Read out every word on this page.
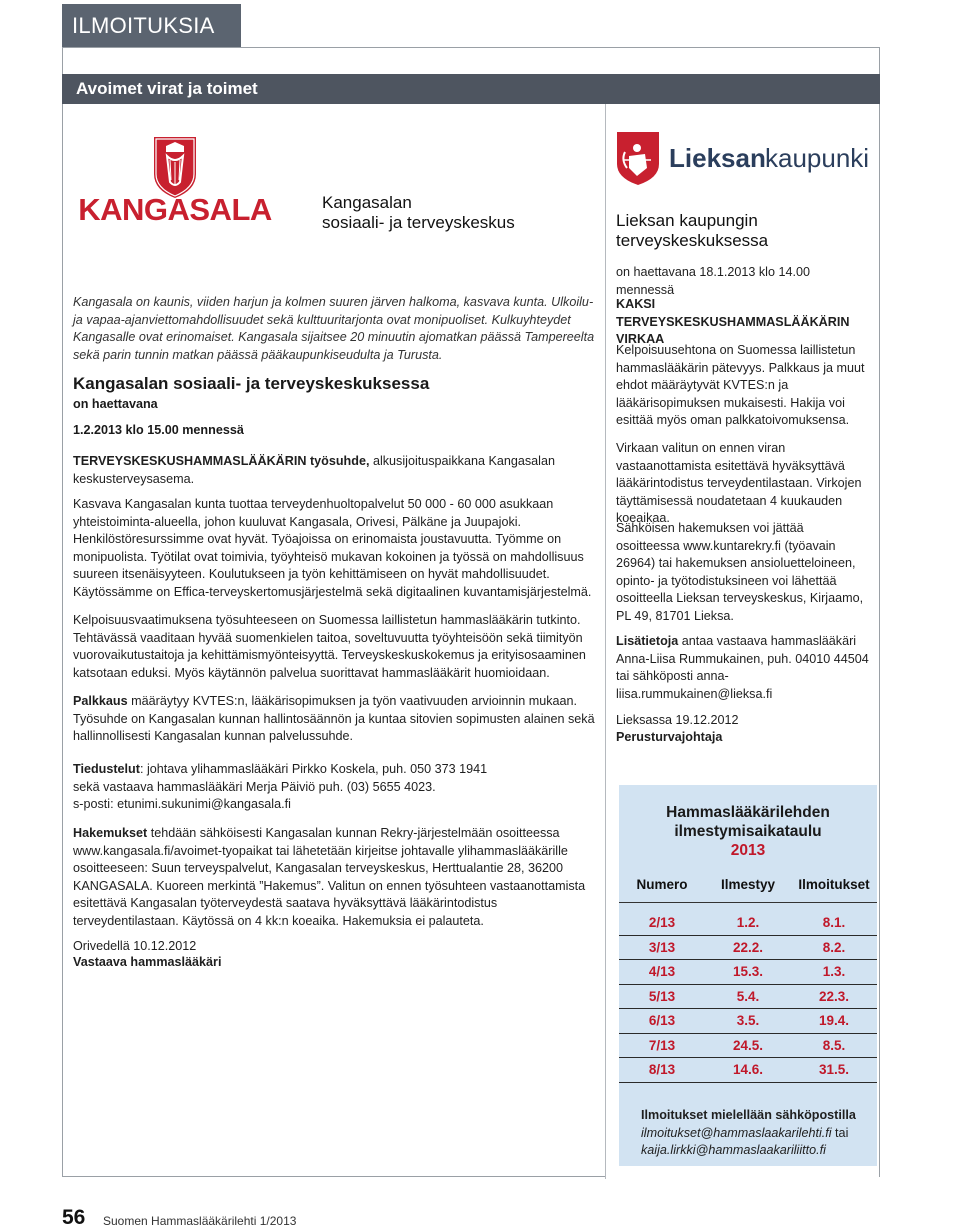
ILMOITUKSIA
Avoimet virat ja toimet
KANGASALA	Kangasalan
sosiaali- ja terveyskeskus
Kangasala on kaunis, viiden harjun ja kolmen suuren järven halkoma, kasvava kunta. Ulkoilu- ja vapaa-ajanviettomahdollisuudet sekä kulttuuritarjonta ovat monipuoliset. Kulkuyhteydet Kangasalle ovat erinomaiset. Kangasala sijaitsee 20 minuutin ajomatkan päässä Tampereelta sekä parin tunnin matkan päässä pääkaupunkiseudulta ja Turusta.
Kangasalan sosiaali- ja terveyskeskuksessa
on haettavana
1.2.2013 klo 15.00 mennessä
TERVEYSKESKUSHAMMASLÄÄKÄRIN työsuhde, alkusijoituspaikkana Kangasalan keskusterveysasema.
Kasvava Kangasalan kunta tuottaa terveydenhuoltopalvelut 50 000 - 60 000 asukkaan yhteistoiminta-alueella, johon kuuluvat Kangasala, Orivesi, Pälkäne ja Juupajoki. Henkilöstöresurssimme ovat hyvät. Työajoissa on erinomaista joustavuutta. Työmme on monipuolista. Työtilat ovat toimivia, työyhteisö mukavan kokoinen ja työssä on mahdollisuus suureen itsenäisyyteen. Koulutukseen ja työn kehittämiseen on hyvät mahdollisuudet. Käytössämme on Effica-terveyskertomusjärjestelmä sekä digitaalinen kuvantamisjärjestelmä.
Kelpoisuusvaatimuksena työsuhteeseen on Suomessa laillistetun hammaslääkärin tutkinto. Tehtävässä vaaditaan hyvää suomenkielen taitoa, soveltuvuutta työyhteisöön sekä tiimityön vuorovaikutustaitoja ja kehittämismyönteisyyttä. Terveyskeskuskokemus ja erityisosaaminen katsotaan eduksi. Myös käytännön palvelua suorittavat hammaslääkärit huomioidaan.
Palkkaus määräytyy KVTES:n, lääkärisopimuksen ja työn vaativuuden arvioinnin mukaan. Työsuhde on Kangasalan kunnan hallintosäännön ja kuntaa sitovien sopimusten alainen sekä hallinnollisesti Kangasalan kunnan palvelussuhde.
Tiedustelut: johtava ylihammaslääkäri Pirkko Koskela, puh. 050 373 1941
sekä vastaava hammaslääkäri Merja Päiviö puh. (03) 5655 4023.
s-posti: etunimi.sukunimi@kangasala.fi
Hakemukset tehdään sähköisesti Kangasalan kunnan Rekry-järjestelmään osoitteessa www.kangasala.fi/avoimet-tyopaikat tai lähetetään kirjeitse johtavalle ylihammaslääkärille osoitteeseen: Suun terveyspalvelut, Kangasalan terveyskeskus, Herttualantie 28, 36200 KANGASALA. Kuoreen merkintä ”Hakemus”. Valitun on ennen työsuhteen vastaanottamista esitettävä Kangasalan työterveydestä saatava hyväksyttävä lääkärintodistus terveydentilastaan. Käytössä on 4 kk:n koeaika. Hakemuksia ei palauteta.
Orivedellä 10.12.2012
Vastaava hammaslääkäri
Lieksan kaupunki
Lieksan kaupungin
terveyskeskuksessa
on haettavana 18.1.2013 klo 14.00 mennessä
KAKSI TERVEYSKESKUSHAMMASLÄÄKÄRIN VIRKAA
Kelpoisuusehtona on Suomessa laillistetun hammaslääkärin pätevyys. Palkkaus ja muut ehdot määräytyvät KVTES:n ja lääkärisopimuksen mukaisesti. Hakija voi esittää myös oman palkkatoivomuksensa.
Virkaan valitun on ennen viran vastaanottamista esitettävä hyväksyttävä lääkärintodistus terveydentilastaan. Virkojen täyttämisessä noudatetaan 4 kuukauden koeaikaa.
Sähköisen hakemuksen voi jättää osoitteessa www.kuntarekry.fi (työavain 26964) tai hakemuksen ansioluetteloineen, opinto- ja työtodistuksineen voi lähettää osoitteella Lieksan terveyskeskus, Kirjaamo, PL 49, 81701 Lieksa.
Lisätietoja antaa vastaava hammaslääkäri Anna-Liisa Rummukainen, puh. 04010 44504 tai sähköposti anna-liisa.rummukainen@lieksa.fi
Lieksassa 19.12.2012
Perusturvajohtaja
Hammaslääkärilehden
ilmestymisaikataulu
2013
Numero	Ilmestyy	Ilmoitukset
2/13	1.2.	8.1.
3/13	22.2.	8.2.
4/13	15.3.	1.3.
5/13	5.4.	22.3.
6/13	3.5.	19.4.
7/13	24.5.	8.5.
8/13	14.6.	31.5.
Ilmoitukset mielellään sähköpostilla
ilmoitukset@hammaslaakarilehti.fi tai
kaija.lirkki@hammaslaakariliitto.fi
56 Suomen Hammaslääkärilehti 1/2013
